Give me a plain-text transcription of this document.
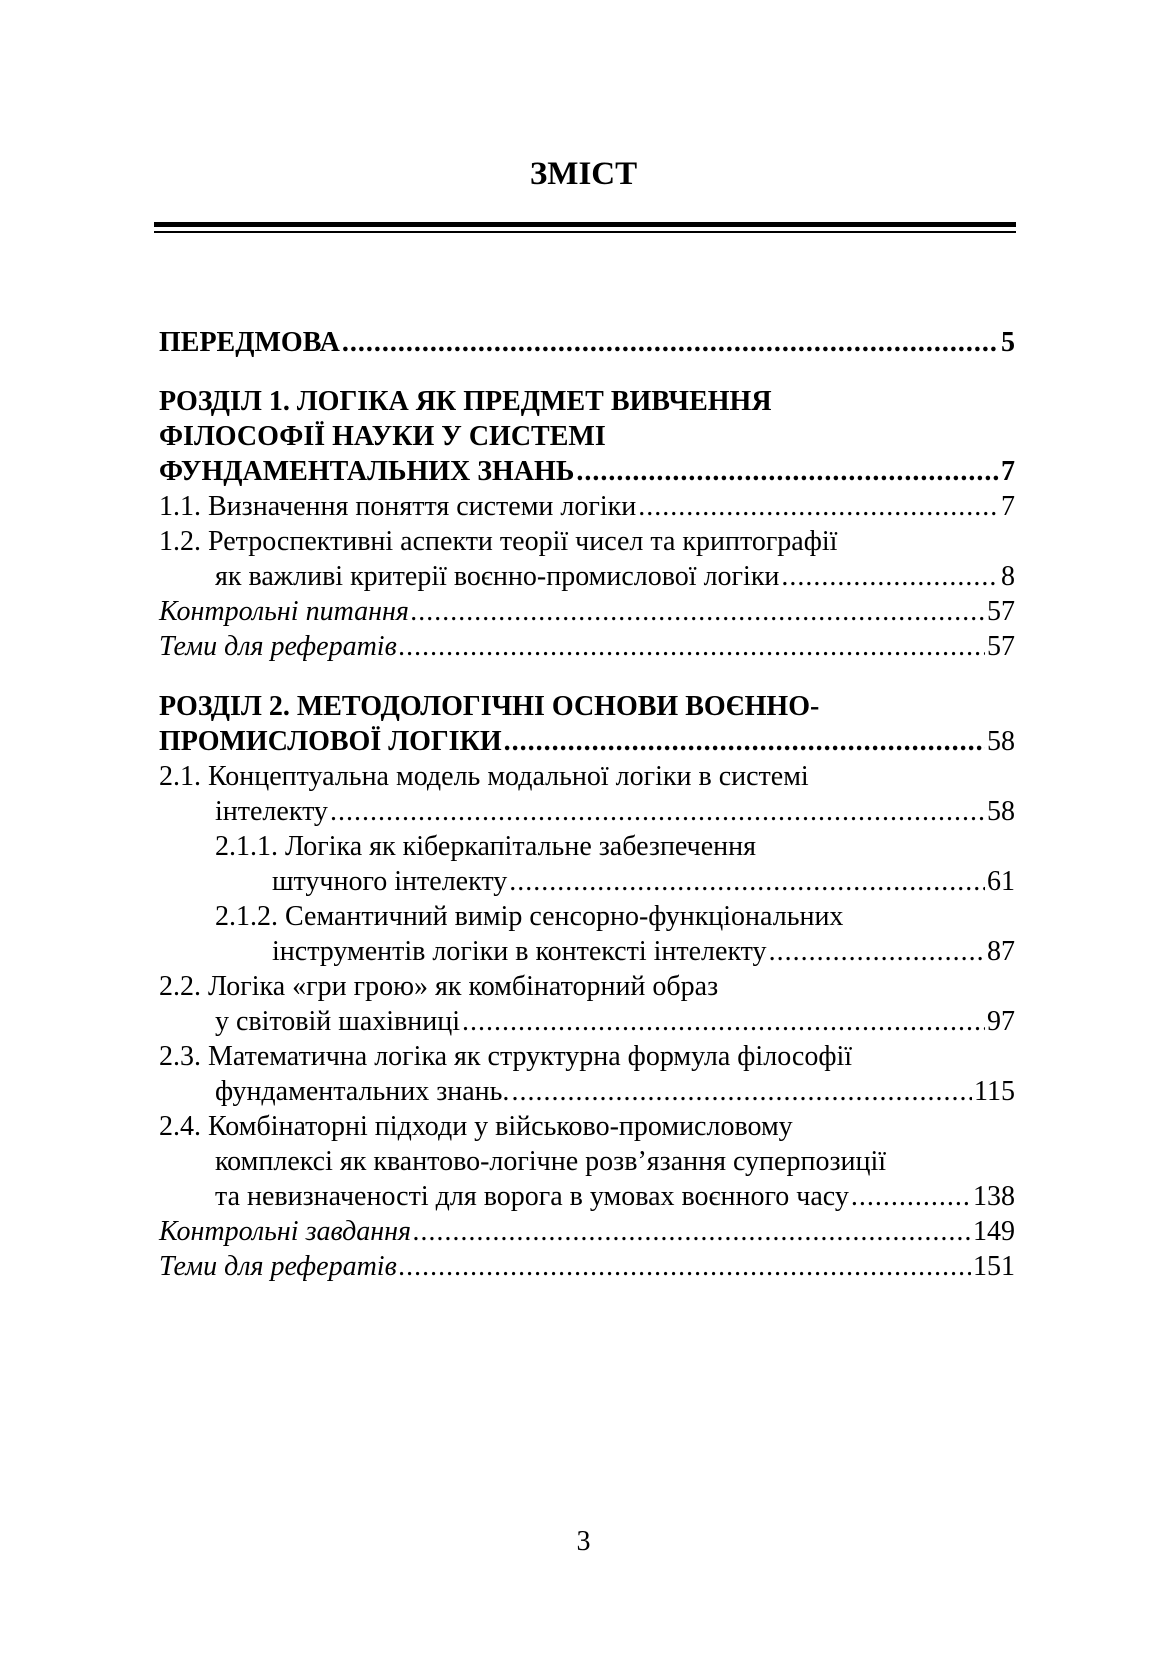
ЗМІСТ
ПЕРЕДМОВА . . .	5
РОЗДІЛ 1. ЛОГІКА ЯК ПРЕДМЕТ ВИВЧЕННЯ
ФІЛОСОФІЇ НАУКИ У СИСТЕМІ
ФУНДАМЕНТАЛЬНИХ ЗНАНЬ . . .	7
1.1. Визначення поняття системи логіки . . .	7
1.2. Ретроспективні аспекти теорії чисел та криптографії
як важливі критерії воєнно-промислової логіки . . .	8
Контрольні питання . . .	57
Теми для рефератів . . .	57
РОЗДІЛ 2. МЕТОДОЛОГІЧНІ ОСНОВИ ВОЄННО-
ПРОМИСЛОВОЇ ЛОГІКИ . . .	58
2.1. Концептуальна модель модальної логіки в системі
інтелекту . . .	58
2.1.1. Логіка як кіберкапітальне забезпечення
штучного інтелекту . . .	61
2.1.2. Семантичний вимір сенсорно-функціональних
інструментів логіки в контексті інтелекту . . .	87
2.2. Логіка «гри грою» як комбінаторний образ
у світовій шахівниці . . .	97
2.3. Математична логіка як структурна формула філософії
фундаментальних знань. . . .	115
2.4. Комбінаторні підходи у військово-промисловому
комплексі як квантово-логічне розв’язання суперпозиції
та невизначеності для ворога в умовах воєнного часу . . .	138
Контрольні завдання . . .	149
Теми для рефератів . . .	151
3
